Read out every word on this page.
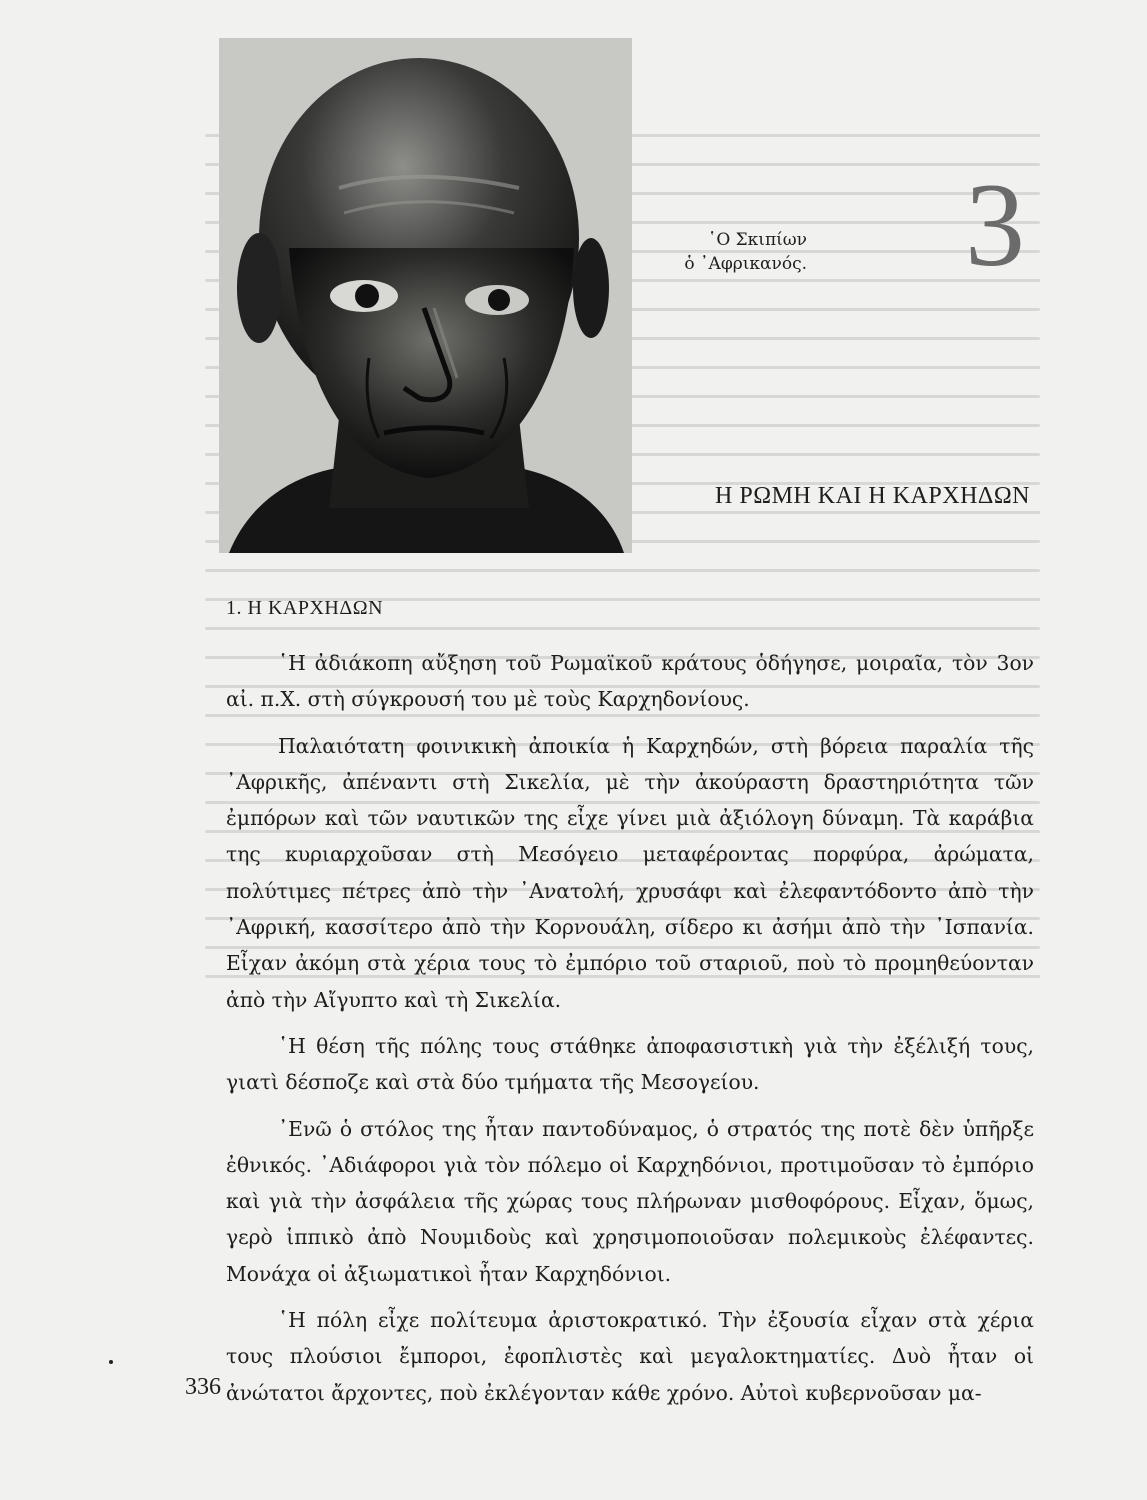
῾Ο Σκιπίων
ὁ ᾿Αφρικανός. 3
Η ΡΩΜΗ ΚΑΙ Η ΚΑΡΧΗΔΩΝ
1. Η ΚΑΡΧΗΔΩΝ

῾Η ἀδιάκοπη αὔξηση τοῦ Ρωμαϊκοῦ κράτους ὁδήγησε, μοιραῖα, τὸν 3ον αἰ. π.Χ. στὴ σύγκρουσή του μὲ τοὺς Καρχηδονίους.

Παλαιότατη φοινικικὴ ἀποικία ἡ Καρχηδών, στὴ βόρεια παραλία τῆς ᾿Αφρικῆς, ἀπέναντι στὴ Σικελία, μὲ τὴν ἀκούραστη δραστηριότητα τῶν ἐμπόρων καὶ τῶν ναυτικῶν της εἶχε γίνει μιὰ ἀξιόλογη δύναμη. Τὰ καράβια της κυριαρχοῦσαν στὴ Μεσόγειο μεταφέροντας πορφύρα, ἀρώματα, πολύτιμες πέτρες ἀπὸ τὴν ᾿Ανατολή, χρυσάφι καὶ ἐλεφαντόδοντο ἀπὸ τὴν ᾿Αφρική, κασσίτερο ἀπὸ τὴν Κορνουάλη, σίδερο κι ἀσήμι ἀπὸ τὴν ᾿Ισπανία. Εἶχαν ἀκόμη στὰ χέρια τους τὸ ἐμπόριο τοῦ σταριοῦ, ποὺ τὸ προμηθεύονταν ἀπὸ τὴν Αἴγυπτο καὶ τὴ Σικελία.

῾Η θέση τῆς πόλης τους στάθηκε ἀποφασιστικὴ γιὰ τὴν ἐξέλιξή τους, γιατὶ δέσποζε καὶ στὰ δύο τμήματα τῆς Μεσογείου.

᾿Ενῶ ὁ στόλος της ἦταν παντοδύναμος, ὁ στρατός της ποτὲ δὲν ὑπῆρξε ἐθνικός. ᾿Αδιάφοροι γιὰ τὸν πόλεμο οἱ Καρχηδόνιοι, προτιμοῦσαν τὸ ἐμπόριο καὶ γιὰ τὴν ἀσφάλεια τῆς χώρας τους πλήρωναν μισθοφόρους. Εἶχαν, ὅμως, γερὸ ἱππικὸ ἀπὸ Νουμιδοὺς καὶ χρησιμοποιοῦσαν πολεμικοὺς ἐλέφαντες. Μονάχα οἱ ἀξιωματικοὶ ἦταν Καρχηδόνιοι.

῾Η πόλη εἶχε πολίτευμα ἀριστοκρατικό. Τὴν ἐξουσία εἶχαν στὰ χέρια τους πλούσιοι ἔμποροι, ἐφοπλιστὲς καὶ μεγαλοκτηματίες. Δυὸ ἦταν οἱ ἀνώτατοι ἄρχοντες, ποὺ ἐκλέγονταν κάθε χρόνο. Αὐτοὶ κυβερνοῦσαν μα-

336
